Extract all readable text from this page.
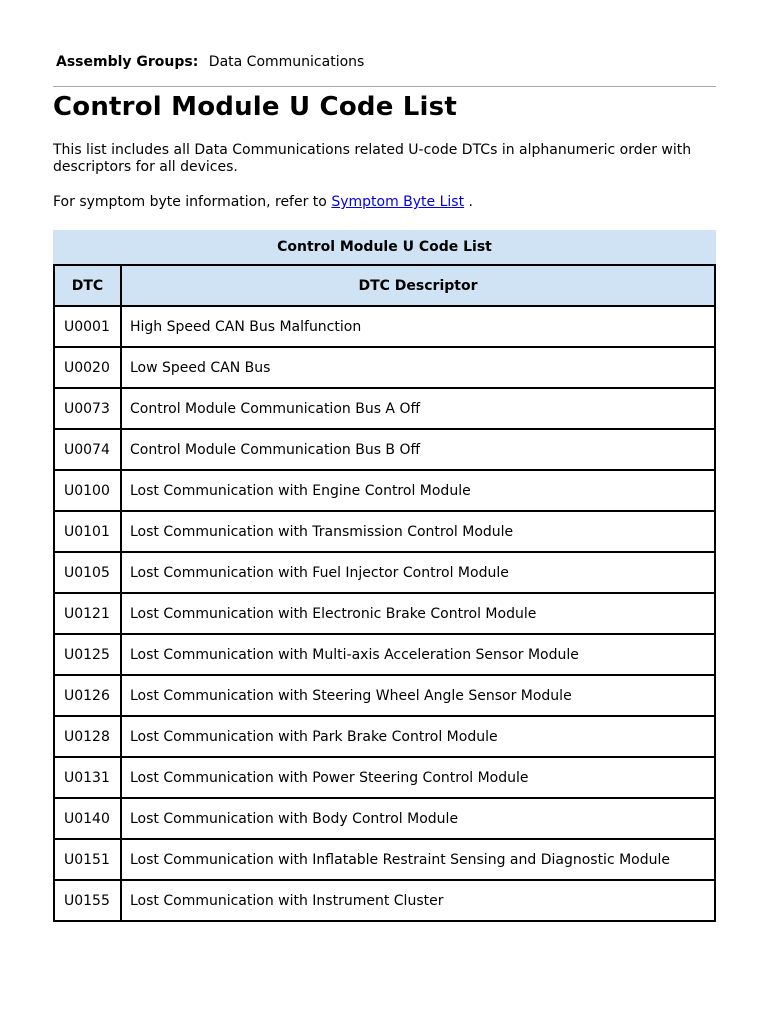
Assembly Groups: Data Communications
Control Module U Code List

This list includes all Data Communications related U-code DTCs in alphanumeric order with descriptors for all devices.

For symptom byte information, refer to Symptom Byte List .

Control Module U Code List
DTC	DTC Descriptor
U0001	High Speed CAN Bus Malfunction
U0020	Low Speed CAN Bus
U0073	Control Module Communication Bus A Off
U0074	Control Module Communication Bus B Off
U0100	Lost Communication with Engine Control Module
U0101	Lost Communication with Transmission Control Module
U0105	Lost Communication with Fuel Injector Control Module
U0121	Lost Communication with Electronic Brake Control Module
U0125	Lost Communication with Multi-axis Acceleration Sensor Module
U0126	Lost Communication with Steering Wheel Angle Sensor Module
U0128	Lost Communication with Park Brake Control Module
U0131	Lost Communication with Power Steering Control Module
U0140	Lost Communication with Body Control Module
U0151	Lost Communication with Inflatable Restraint Sensing and Diagnostic Module
U0155	Lost Communication with Instrument Cluster
